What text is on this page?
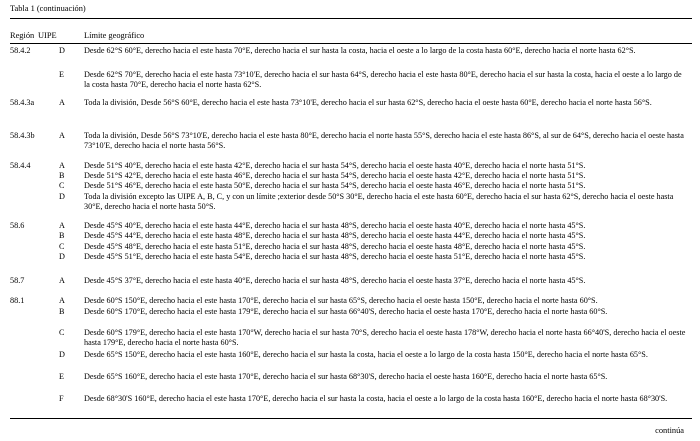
Tabla 1 (continuación)
Región UIPE	Límite geográfico
58.4.2	D Desde 62°S 60°E, derecho hacia el este hasta 70°E, derecho hacia el sur hasta la costa, hacia el oeste a lo largo de la costa hasta 60°E, derecho hacia el norte hasta 62°S.
E Desde 62°S 70°E, derecho hacia el este hasta 73°10'E, derecho hacia el sur hasta 64°S, derecho hacia el este hasta 80°E, derecho hacia el sur hasta la costa, hacia el oeste a lo largo de la costa hasta 70°E, derecho hacia el norte hasta 62°S.
58.4.3a	A Toda la división, Desde 56°S 60°E, derecho hacia el este hasta 73°10'E, derecho hacia el sur hasta 62°S, derecho hacia el oeste hasta 60°E, derecho hacia el norte hasta 56°S.
58.4.3b	A Toda la división, Desde 56°S 73°10'E, derecho hacia el este hasta 80°E, derecho hacia el norte hasta 55°S, derecho hacia el este hasta 86°S, al sur de 64°S, derecho hacia el oeste hasta 73°10'E, derecho hacia el norte hasta 56°S.
58.4.4	A Desde 51°S 40°E, derecho hacia el este hasta 42°E, derecho hacia el sur hasta 54°S, derecho hacia el oeste hasta 40°E, derecho hacia el norte hasta 51°S.
B Desde 51°S 42°E, derecho hacia el este hasta 46°E, derecho hacia el sur hasta 54°S, derecho hacia el oeste hasta 42°E, derecho hacia el norte hasta 51°S.
C Desde 51°S 46°E, derecho hacia el este hasta 50°E, derecho hacia el sur hasta 54°S, derecho hacia el oeste hasta 46°E, derecho hacia el norte hasta 51°S.
D Toda la división excepto las UIPE A, B, C, y con un límite ;exterior desde 50°S 30°E, derecho hacia el este hasta 60°E, derecho hacia el sur hasta 62°S, derecho hacia el oeste hasta 30°E, derecho hacia el norte hasta 50°S.
58.6	A Desde 45°S 40°E, derecho hacia el este hasta 44°E, derecho hacia el sur hasta 48°S, derecho hacia el oeste hasta 40°E, derecho hacia el norte hasta 45°S.
B Desde 45°S 44°E, derecho hacia el este hasta 48°E, derecho hacia el sur hasta 48°S, derecho hacia el oeste hasta 44°E, derecho hacia el norte hasta 45°S.
C Desde 45°S 48°E, derecho hacia el este hasta 51°E, derecho hacia el sur hasta 48°S, derecho hacia el oeste hasta 48°E, derecho hacia el norte hasta 45°S.
D Desde 45°S 51°E, derecho hacia el este hasta 54°E, derecho hacia el sur hasta 48°S, derecho hacia el oeste hasta 51°E, derecho hacia el norte hasta 45°S.
58.7	A Desde 45°S 37°E, derecho hacia el este hasta 40°E, derecho hacia el sur hasta 48°S, derecho hacia el oeste hasta 37°E, derecho hacia el norte hasta 45°S.
88.1	A Desde 60°S 150°E, derecho hacia el este hasta 170°E, derecho hacia el sur hasta 65°S, derecho hacia el oeste hasta 150°E, derecho hacia el norte hasta 60°S.
B Desde 60°S 170°E, derecho hacia el este hasta 179°E, derecho hacia el sur hasta 66°40'S, derecho hacia el oeste hasta 170°E, derecho hacia el norte hasta 60°S.
C Desde 60°S 179°E, derecho hacia el este hasta 170°W, derecho hacia el sur hasta 70°S, derecho hacia el oeste hasta 178°W, derecho hacia el norte hasta 66°40'S, derecho hacia el oeste hasta 179°E, derecho hacia el norte hasta 60°S.
D Desde 65°S 150°E, derecho hacia el este hasta 160°E, derecho hacia el sur hasta la costa, hacia el oeste a lo largo de la costa hasta 150°E, derecho hacia el norte hasta 65°S.
E Desde 65°S 160°E, derecho hacia el este hasta 170°E, derecho hacia el sur hasta 68°30'S, derecho hacia el oeste hasta 160°E, derecho hacia el norte hasta 65°S.
F Desde 68°30'S 160°E, derecho hacia el este hasta 170°E, derecho hacia el sur hasta la costa, hacia el oeste a lo largo de la costa hasta 160°E, derecho hacia el norte hasta 68°30'S.
continúa
